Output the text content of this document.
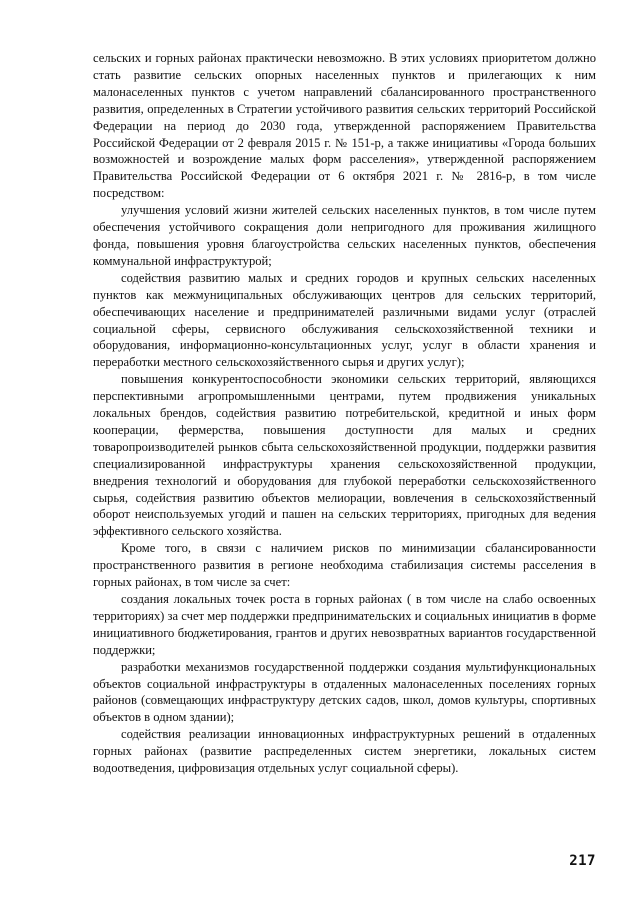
сельских и горных районах практически невозможно. В этих условиях приоритетом должно стать развитие сельских опорных населенных пунктов и прилегающих к ним малонаселенных пунктов с учетом направлений сбалансированного пространственного развития, определенных в Стратегии устойчивого развития сельских территорий Российской Федерации на период до 2030 года, утвержденной распоряжением Правительства Российской Федерации от 2 февраля 2015 г. № 151-р, а также инициативы «Города больших возможностей и возрождение малых форм расселения», утвержденной распоряжением Правительства Российской Федерации от 6 октября 2021 г. № 2816-р, в том числе посредством:

улучшения условий жизни жителей сельских населенных пунктов, в том числе путем обеспечения устойчивого сокращения доли непригодного для проживания жилищного фонда, повышения уровня благоустройства сельских населенных пунктов, обеспечения коммунальной инфраструктурой;

содействия развитию малых и средних городов и крупных сельских населенных пунктов как межмуниципальных обслуживающих центров для сельских территорий, обеспечивающих население и предпринимателей различными видами услуг (отраслей социальной сферы, сервисного обслуживания сельскохозяйственной техники и оборудования, информационно-консультационных услуг, услуг в области хранения и переработки местного сельскохозяйственного сырья и других услуг);

повышения конкурентоспособности экономики сельских территорий, являющихся перспективными агропромышленными центрами, путем продвижения уникальных локальных брендов, содействия развитию потребительской, кредитной и иных форм кооперации, фермерства, повышения доступности для малых и средних товаропроизводителей рынков сбыта сельскохозяйственной продукции, поддержки развития специализированной инфраструктуры хранения сельскохозяйственной продукции, внедрения технологий и оборудования для глубокой переработки сельскохозяйственного сырья, содействия развитию объектов мелиорации, вовлечения в сельскохозяйственный оборот неиспользуемых угодий и пашен на сельских территориях, пригодных для ведения эффективного сельского хозяйства.

Кроме того, в связи с наличием рисков по минимизации сбалансированности пространственного развития в регионе необходима стабилизация системы расселения в горных районах, в том числе за счет:

создания локальных точек роста в горных районах ( в том числе на слабо освоенных территориях) за счет мер поддержки предпринимательских и социальных инициатив в форме инициативного бюджетирования, грантов и других невозвратных вариантов государственной поддержки;

разработки механизмов государственной поддержки создания мультифункциональных объектов социальной инфраструктуры в отдаленных малонаселенных поселениях горных районов (совмещающих инфраструктуру детских садов, школ, домов культуры, спортивных объектов в одном здании);

содействия реализации инновационных инфраструктурных решений в отдаленных горных районах (развитие распределенных систем энергетики, локальных систем водоотведения, цифровизация отдельных услуг социальной сферы).

217
